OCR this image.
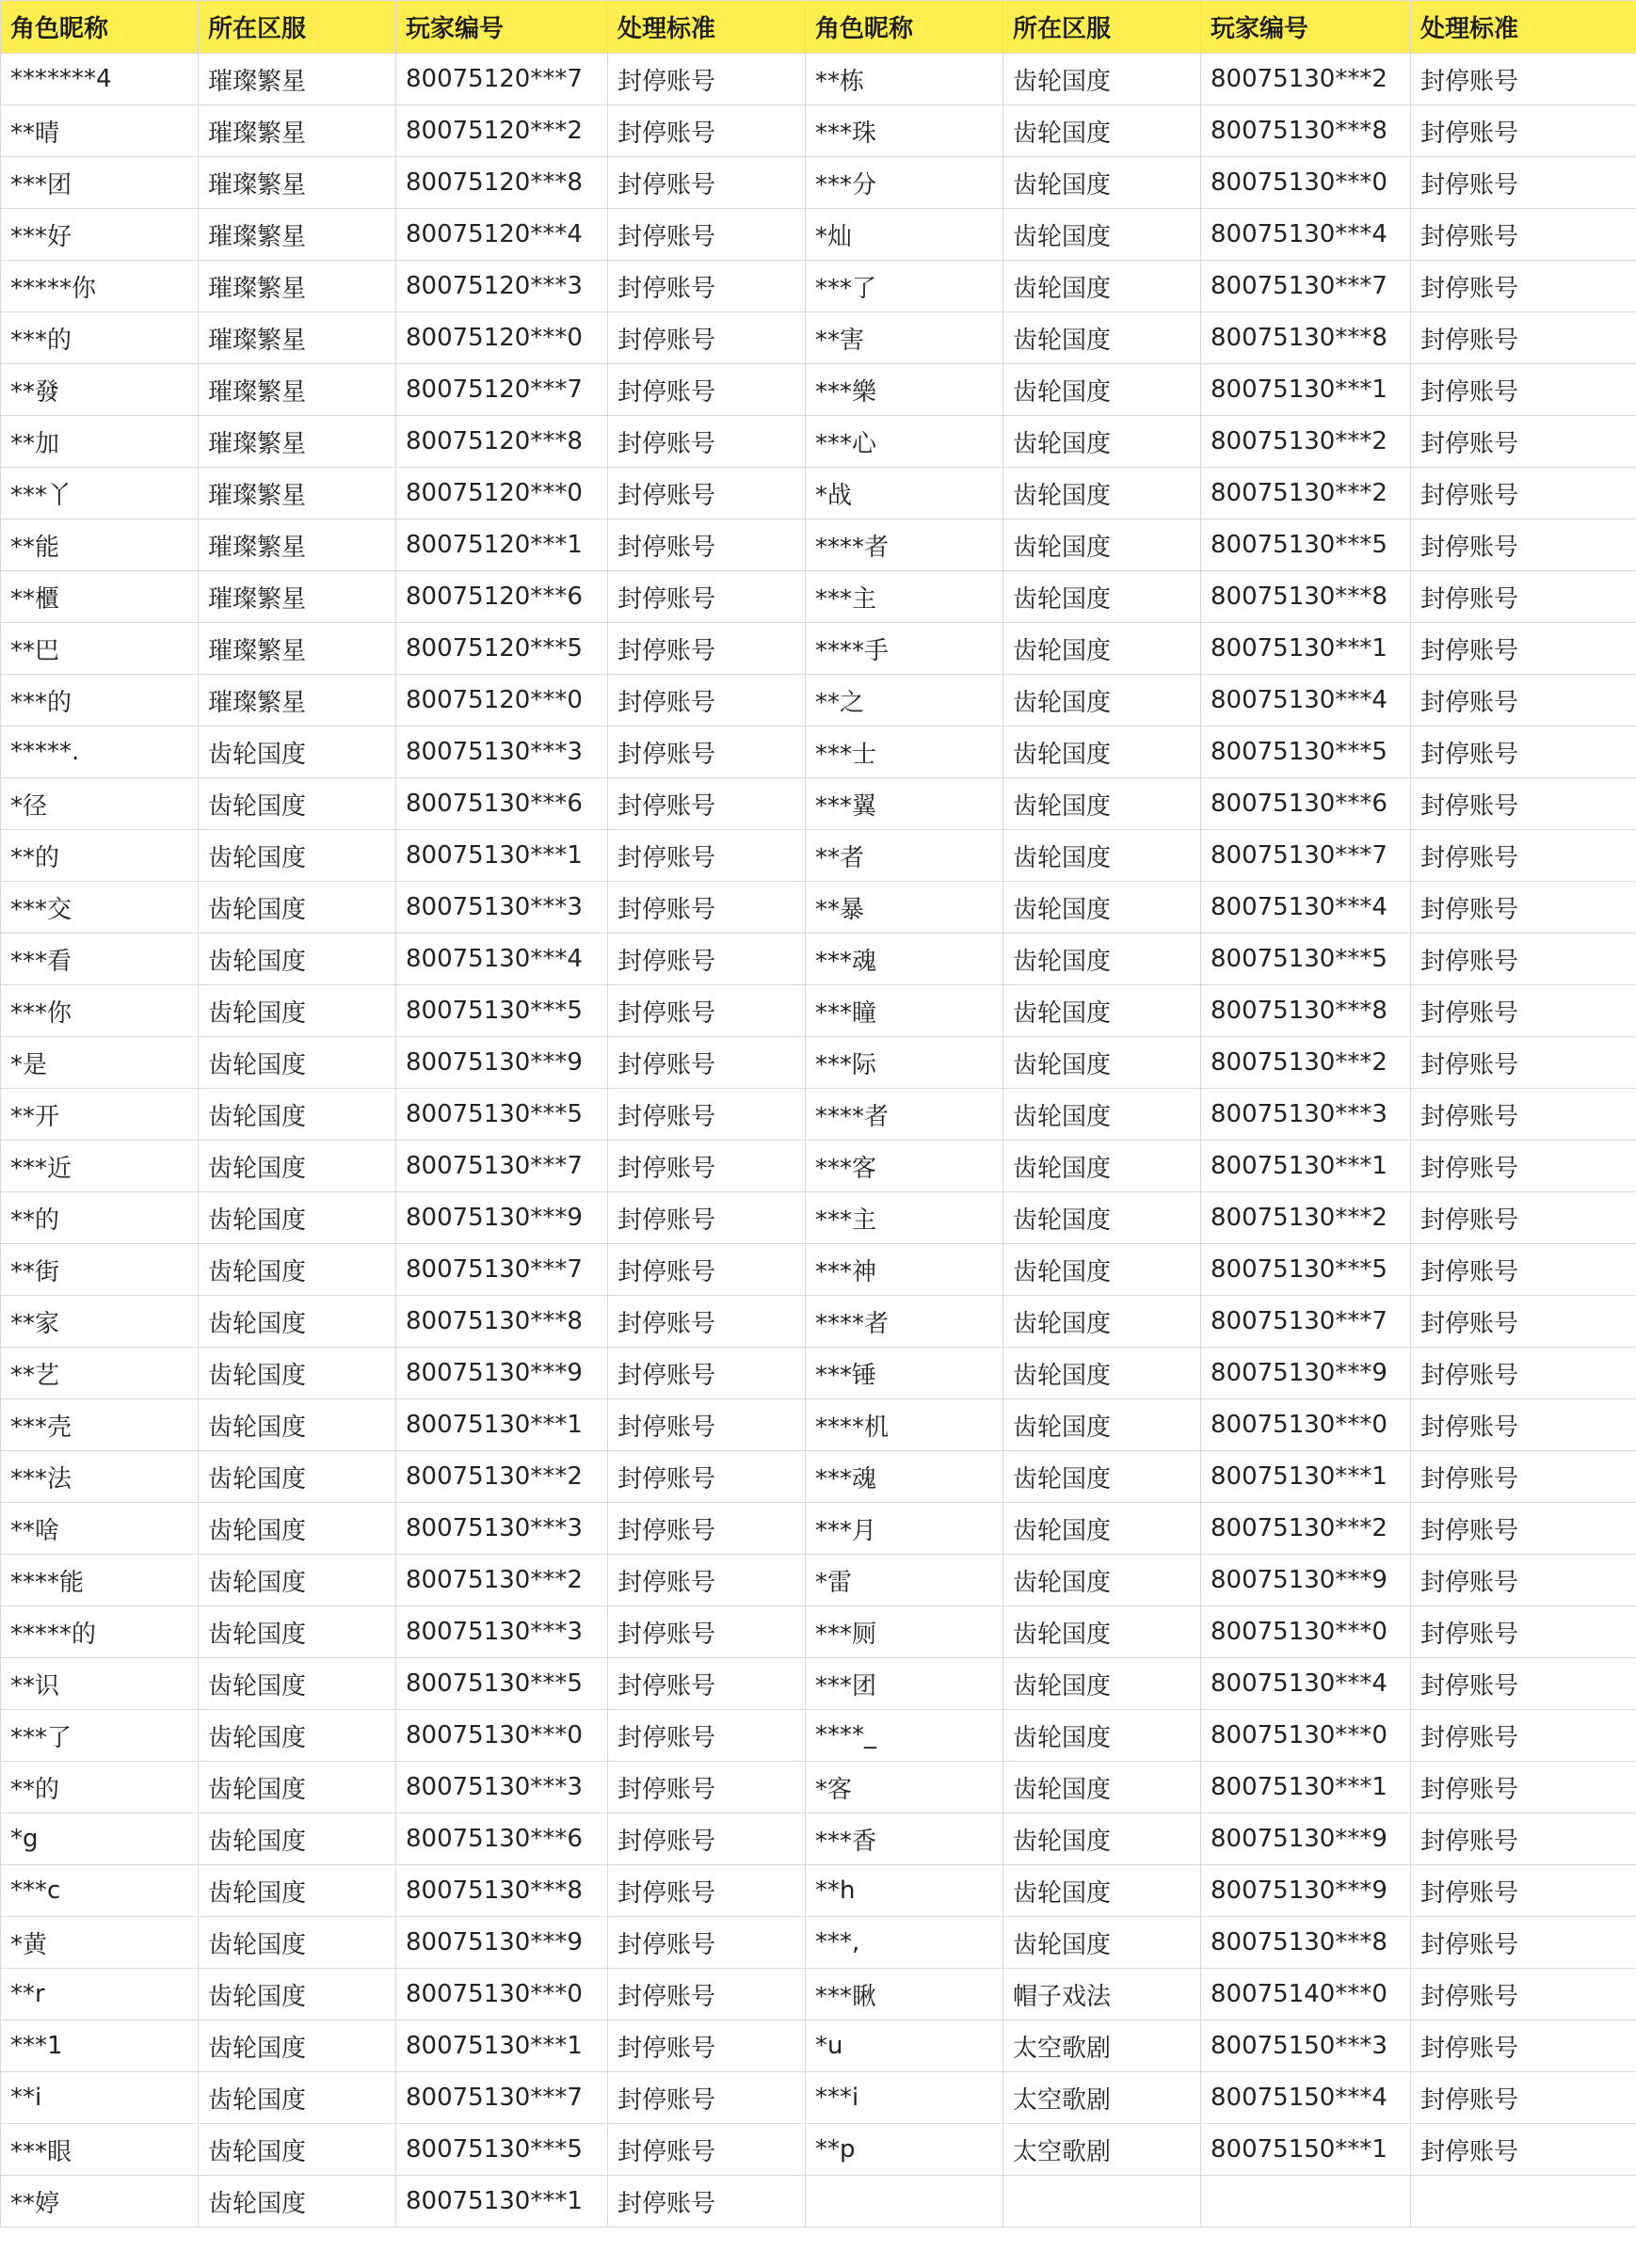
角色昵称	所在区服	玩家编号	处理标准	角色昵称	所在区服	玩家编号	处理标准
*******4	璀璨繁星	80075120***7	封停账号	**栋	齿轮国度	80075130***2	封停账号
**晴	璀璨繁星	80075120***2	封停账号	***珠	齿轮国度	80075130***8	封停账号
***团	璀璨繁星	80075120***8	封停账号	***分	齿轮国度	80075130***0	封停账号
***好	璀璨繁星	80075120***4	封停账号	*灿	齿轮国度	80075130***4	封停账号
*****你	璀璨繁星	80075120***3	封停账号	***了	齿轮国度	80075130***7	封停账号
***的	璀璨繁星	80075120***0	封停账号	**害	齿轮国度	80075130***8	封停账号
**發	璀璨繁星	80075120***7	封停账号	***樂	齿轮国度	80075130***1	封停账号
**加	璀璨繁星	80075120***8	封停账号	***心	齿轮国度	80075130***2	封停账号
***丫	璀璨繁星	80075120***0	封停账号	*战	齿轮国度	80075130***2	封停账号
**能	璀璨繁星	80075120***1	封停账号	****者	齿轮国度	80075130***5	封停账号
**櫃	璀璨繁星	80075120***6	封停账号	***主	齿轮国度	80075130***8	封停账号
**巴	璀璨繁星	80075120***5	封停账号	****手	齿轮国度	80075130***1	封停账号
***的	璀璨繁星	80075120***0	封停账号	**之	齿轮国度	80075130***4	封停账号
*****.	齿轮国度	80075130***3	封停账号	***士	齿轮国度	80075130***5	封停账号
*径	齿轮国度	80075130***6	封停账号	***翼	齿轮国度	80075130***6	封停账号
**的	齿轮国度	80075130***1	封停账号	**者	齿轮国度	80075130***7	封停账号
***交	齿轮国度	80075130***3	封停账号	**暴	齿轮国度	80075130***4	封停账号
***看	齿轮国度	80075130***4	封停账号	***魂	齿轮国度	80075130***5	封停账号
***你	齿轮国度	80075130***5	封停账号	***瞳	齿轮国度	80075130***8	封停账号
*是	齿轮国度	80075130***9	封停账号	***际	齿轮国度	80075130***2	封停账号
**开	齿轮国度	80075130***5	封停账号	****者	齿轮国度	80075130***3	封停账号
***近	齿轮国度	80075130***7	封停账号	***客	齿轮国度	80075130***1	封停账号
**的	齿轮国度	80075130***9	封停账号	***主	齿轮国度	80075130***2	封停账号
**街	齿轮国度	80075130***7	封停账号	***神	齿轮国度	80075130***5	封停账号
**家	齿轮国度	80075130***8	封停账号	****者	齿轮国度	80075130***7	封停账号
**艺	齿轮国度	80075130***9	封停账号	***锤	齿轮国度	80075130***9	封停账号
***壳	齿轮国度	80075130***1	封停账号	****机	齿轮国度	80075130***0	封停账号
***法	齿轮国度	80075130***2	封停账号	***魂	齿轮国度	80075130***1	封停账号
**啥	齿轮国度	80075130***3	封停账号	***月	齿轮国度	80075130***2	封停账号
****能	齿轮国度	80075130***2	封停账号	*雷	齿轮国度	80075130***9	封停账号
*****的	齿轮国度	80075130***3	封停账号	***厕	齿轮国度	80075130***0	封停账号
**识	齿轮国度	80075130***5	封停账号	***团	齿轮国度	80075130***4	封停账号
***了	齿轮国度	80075130***0	封停账号	****_	齿轮国度	80075130***0	封停账号
**的	齿轮国度	80075130***3	封停账号	*客	齿轮国度	80075130***1	封停账号
*g	齿轮国度	80075130***6	封停账号	***香	齿轮国度	80075130***9	封停账号
***c	齿轮国度	80075130***8	封停账号	**h	齿轮国度	80075130***9	封停账号
*黄	齿轮国度	80075130***9	封停账号	***,	齿轮国度	80075130***8	封停账号
**r	齿轮国度	80075130***0	封停账号	***瞅	帽子戏法	80075140***0	封停账号
***1	齿轮国度	80075130***1	封停账号	*u	太空歌剧	80075150***3	封停账号
**i	齿轮国度	80075130***7	封停账号	***i	太空歌剧	80075150***4	封停账号
***眼	齿轮国度	80075130***5	封停账号	**p	太空歌剧	80075150***1	封停账号
**婷	齿轮国度	80075130***1	封停账号				
